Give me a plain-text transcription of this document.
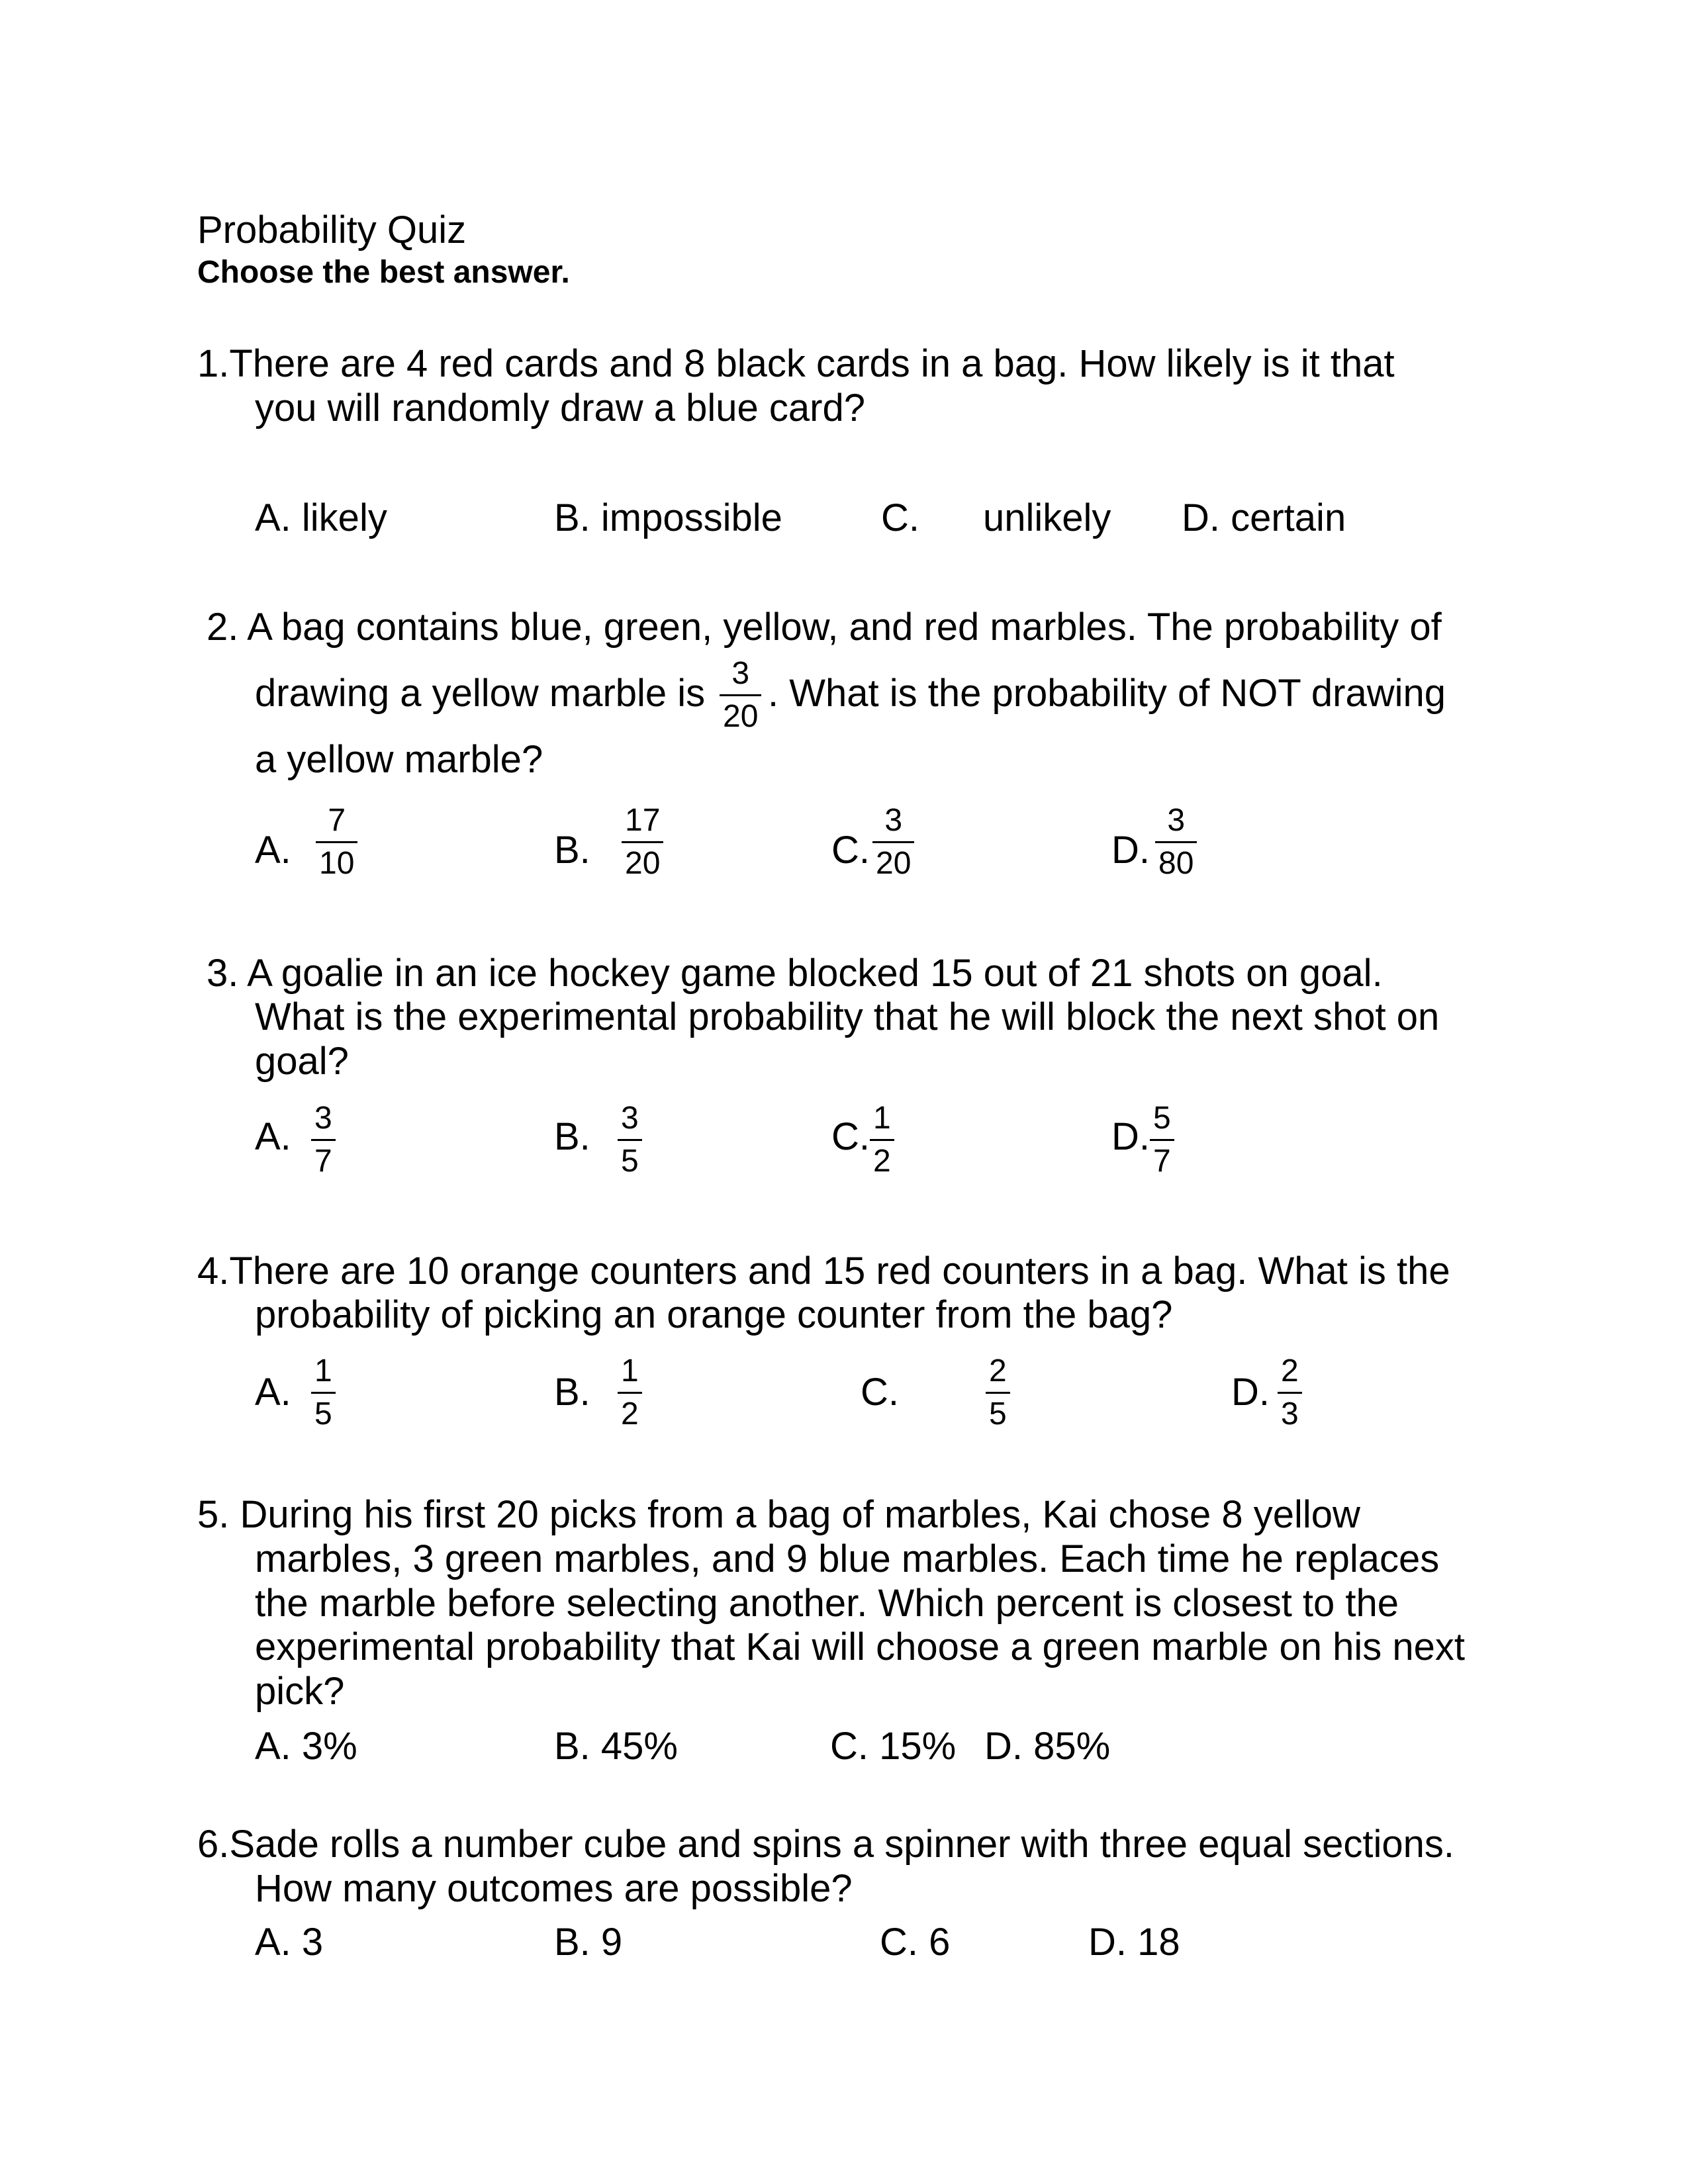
Probability Quiz
Choose the best answer.
1.There are 4 red cards and 8 black cards in a bag. How likely is it that
you will randomly draw a blue card?
A. likely	B. impossible	C. unlikely D. certain
2. A bag contains blue, green, yellow, and red marbles. The probability of
drawing a yellow marble is 3
20
. What is the probability of NOT drawing
a yellow marble?
A.
7
10	B.
17
20	C.
3
20	D.
3
80
3. A goalie in an ice hockey game blocked 15 out of 21 shots on goal.
What is the experimental probability that he will block the next shot on
goal?
A. 3
7
B. 3
5
C. 1
2
D. 5
7
4.There are 10 orange counters and 15 red counters in a bag. What is the
probability of picking an orange counter from the bag?
A. 1
5
B. 1
2
C.	2
5
D. 2
3
5. During his first 20 picks from a bag of marbles, Kai chose 8 yellow
marbles, 3 green marbles, and 9 blue marbles. Each time he replaces
the marble before selecting another. Which percent is closest to the
experimental probability that Kai will choose a green marble on his next
pick?
A. 3%	B. 45%	C. 15% D. 85%
6.Sade rolls a number cube and spins a spinner with three equal sections.
How many outcomes are possible?
A. 3	B. 9	C. 6	D. 18
